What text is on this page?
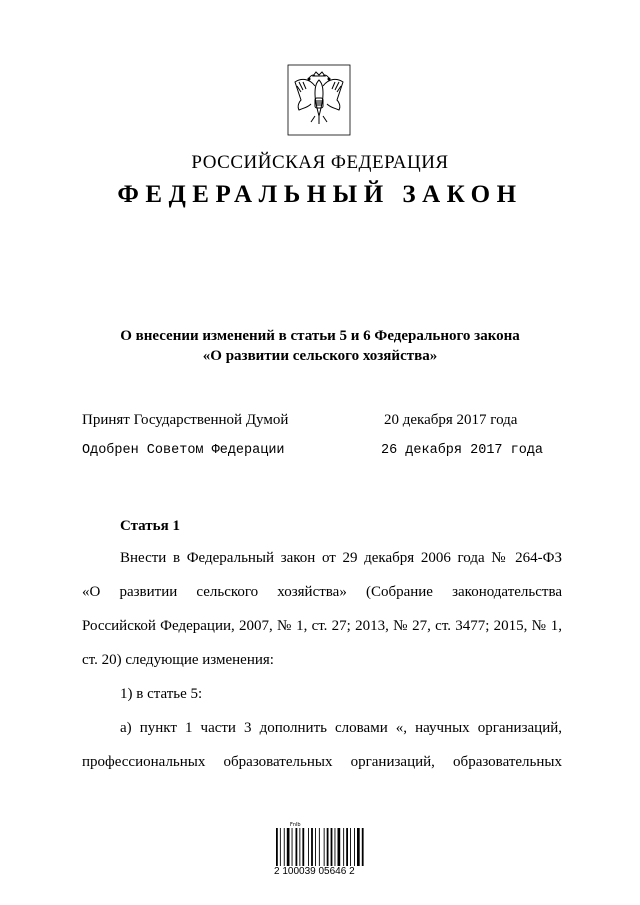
РОССИЙСКАЯ ФЕДЕРАЦИЯ
ФЕДЕРАЛЬНЫЙ ЗАКОН
О внесении изменений в статьи 5 и 6 Федерального закона
«О развитии сельского хозяйства»
Принят Государственной Думой	20 декабря 2017 года
Одобрен Советом Федерации	26 декабря 2017 года
Статья 1
Внести в Федеральный закон от 29 декабря 2006 года № 264-ФЗ
«О развитии сельского хозяйства» (Собрание законодательства
Российской Федерации, 2007, № 1, ст. 27; 2013, № 27, ст. 3477; 2015, № 1,
ст. 20) следующие изменения:
1) в статье 5:
а) пункт 1 части 3 дополнить словами «, научных организаций,
профессиональных образовательных организаций, образовательных
Fnlb
2 100039 05646 2
